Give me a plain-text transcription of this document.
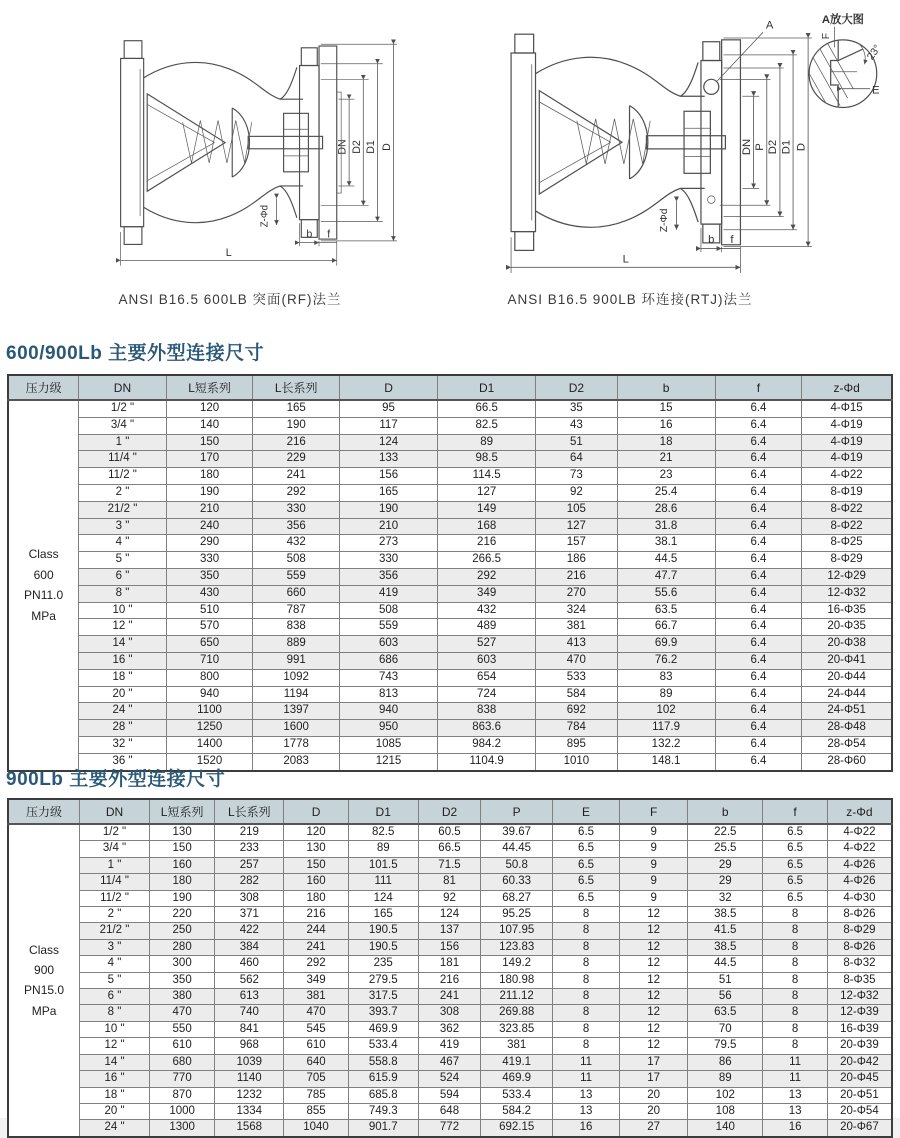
DN D2 D1 D
Z-Φd
b f
L
DN P D2 D1 D
A
Z-Φd
b f
L
A放大图
F
23°
E
ANSI B16.5 600LB 突面(RF)法兰	ANSI B16.5 900LB 环连接(RTJ)法兰
600/900Lb 主要外型连接尺寸
压力级	DN	L短系列	L长系列	D	D1	D2	b	f	z-Φd

Class
600
PN11.0
MPa	1/2 "	120	165	95	66.5	35	15	6.4	4-Φ15
	3/4 "	140	190	117	82.5	43	16	6.4	4-Φ19
	1 "	150	216	124	89	51	18	6.4	4-Φ19
	11/4 "	170	229	133	98.5	64	21	6.4	4-Φ19
	11/2 "	180	241	156	114.5	73	23	6.4	4-Φ22
	2 "	190	292	165	127	92	25.4	6.4	8-Φ19
	21/2 "	210	330	190	149	105	28.6	6.4	8-Φ22
	3 "	240	356	210	168	127	31.8	6.4	8-Φ22
	4 "	290	432	273	216	157	38.1	6.4	8-Φ25
	5 "	330	508	330	266.5	186	44.5	6.4	8-Φ29
	6 "	350	559	356	292	216	47.7	6.4	12-Φ29
	8 "	430	660	419	349	270	55.6	6.4	12-Φ32
	10 "	510	787	508	432	324	63.5	6.4	16-Φ35
	12 "	570	838	559	489	381	66.7	6.4	20-Φ35
	14 "	650	889	603	527	413	69.9	6.4	20-Φ38
	16 "	710	991	686	603	470	76.2	6.4	20-Φ41
	18 "	800	1092	743	654	533	83	6.4	20-Φ44
	20 "	940	1194	813	724	584	89	6.4	24-Φ44
	24 "	1100	1397	940	838	692	102	6.4	24-Φ51
	28 "	1250	1600	950	863.6	784	117.9	6.4	28-Φ48
	32 "	1400	1778	1085	984.2	895	132.2	6.4	28-Φ54
	36 "	1520	2083	1215	1104.9	1010	148.1	6.4	28-Φ60
900Lb 主要外型连接尺寸
压力级	DN	L短系列	L长系列	D	D1	D2	P	E	F	b	f	z-Φd

Class
900
PN15.0
MPa	1/2 "	130	219	120	82.5	60.5	39.67	6.5	9	22.5	6.5	4-Φ22
	3/4 "	150	233	130	89	66.5	44.45	6.5	9	25.5	6.5	4-Φ22
	1 "	160	257	150	101.5	71.5	50.8	6.5	9	29	6.5	4-Φ26
	11/4 "	180	282	160	111	81	60.33	6.5	9	29	6.5	4-Φ26
	11/2 "	190	308	180	124	92	68.27	6.5	9	32	6.5	4-Φ30
	2 "	220	371	216	165	124	95.25	8	12	38.5	8	8-Φ26
	21/2 "	250	422	244	190.5	137	107.95	8	12	41.5	8	8-Φ29
	3 "	280	384	241	190.5	156	123.83	8	12	38.5	8	8-Φ26
	4 "	300	460	292	235	181	149.2	8	12	44.5	8	8-Φ32
	5 "	350	562	349	279.5	216	180.98	8	12	51	8	8-Φ35
	6 "	380	613	381	317.5	241	211.12	8	12	56	8	12-Φ32
	8 "	470	740	470	393.7	308	269.88	8	12	63.5	8	12-Φ39
	10 "	550	841	545	469.9	362	323.85	8	12	70	8	16-Φ39
	12 "	610	968	610	533.4	419	381	8	12	79.5	8	20-Φ39
	14 "	680	1039	640	558.8	467	419.1	11	17	86	11	20-Φ42
	16 "	770	1140	705	615.9	524	469.9	11	17	89	11	20-Φ45
	18 "	870	1232	785	685.8	594	533.4	13	20	102	13	20-Φ51
	20 "	1000	1334	855	749.3	648	584.2	13	20	108	13	20-Φ54
	24 "	1300	1568	1040	901.7	772	692.15	16	27	140	16	20-Φ67
